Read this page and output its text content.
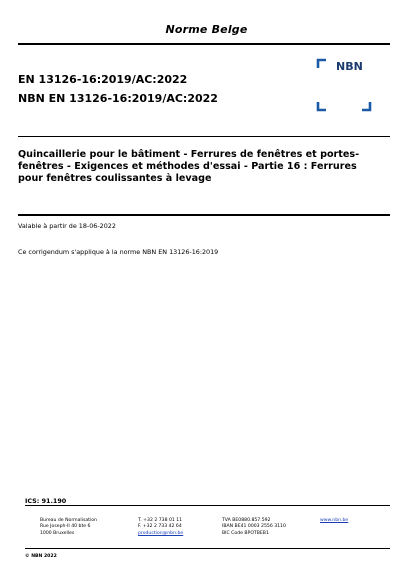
Norme Belge
EN 13126-16:2019/AC:2022
NBN EN 13126-16:2019/AC:2022
NBN
Quincaillerie pour le bâtiment - Ferrures de fenêtres et portes-
fenêtres - Exigences et méthodes d'essai - Partie 16 : Ferrures
pour fenêtres coulissantes à levage
Valable à partir de 18-06-2022
Ce corrigendum s'applique à la norme NBN EN 13126-16:2019
ICS: 91.190
Bureau de Normalisation
Rue Joseph-II 40 bte 6
1000 Bruxelles
T. +32 2 738 01 11
F. +32 2 733 42 64
production@nbn.be
TVA BE0880.857.592
IBAN BE41 0003 2556 3110
BIC Code BPOTBEB1
www.nbn.be
© NBN 2022
